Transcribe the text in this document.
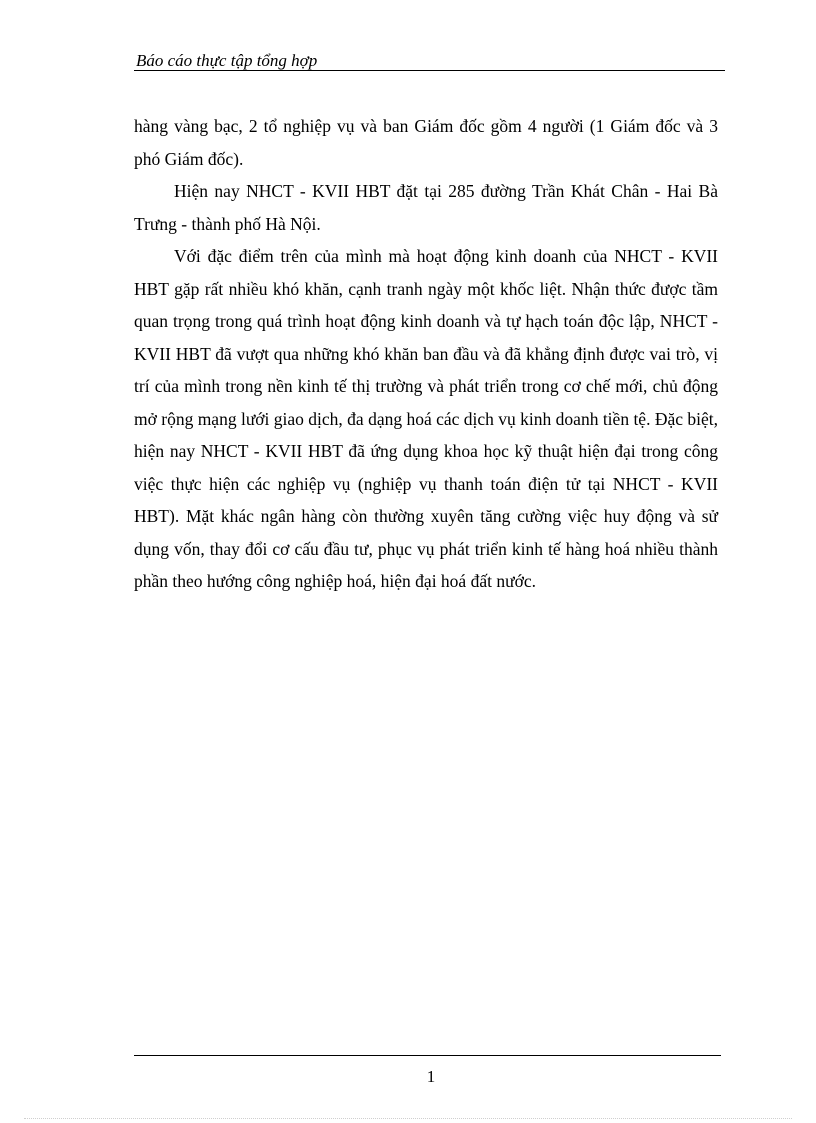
Báo cáo thực tập tổng hợp

hàng vàng bạc, 2 tổ nghiệp vụ và ban Giám đốc gồm 4 người (1 Giám đốc và 3 phó Giám đốc).

Hiện nay NHCT - KVII HBT đặt tại 285 đường Trần Khát Chân - Hai Bà Trưng - thành phố Hà Nội.

Với đặc điểm trên của mình mà hoạt động kinh doanh của NHCT - KVII HBT gặp rất nhiều khó khăn, cạnh tranh ngày một khốc liệt. Nhận thức được tầm quan trọng trong quá trình hoạt động kinh doanh và tự hạch toán độc lập, NHCT - KVII HBT đã vượt qua những khó khăn ban đầu và đã khẳng định được vai trò, vị trí của mình trong nền kinh tế thị trường và phát triển trong cơ chế mới, chủ động mở rộng mạng lưới giao dịch, đa dạng hoá các dịch vụ kinh doanh tiền tệ. Đặc biệt, hiện nay NHCT - KVII HBT đã ứng dụng khoa học kỹ thuật hiện đại trong công việc thực hiện các nghiệp vụ (nghiệp vụ thanh toán điện tử tại NHCT - KVII HBT). Mặt khác ngân hàng còn thường xuyên tăng cường việc huy động và sử dụng vốn, thay đổi cơ cấu đầu tư, phục vụ phát triển kinh tế hàng hoá nhiều thành phần theo hướng công nghiệp hoá, hiện đại hoá đất nước.

1
